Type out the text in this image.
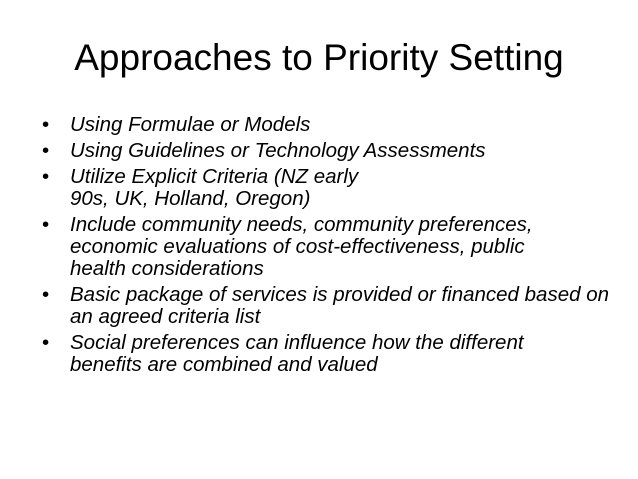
Approaches to Priority Setting
• Using Formulae or Models
• Using Guidelines or Technology Assessments
• Utilize Explicit Criteria (NZ early 90s, UK, Holland, Oregon)
• Include community needs, community preferences, economic evaluations of cost-effectiveness, public health considerations
• Basic package of services is provided or financed based on an agreed criteria list
• Social preferences can influence how the different benefits are combined and valued
